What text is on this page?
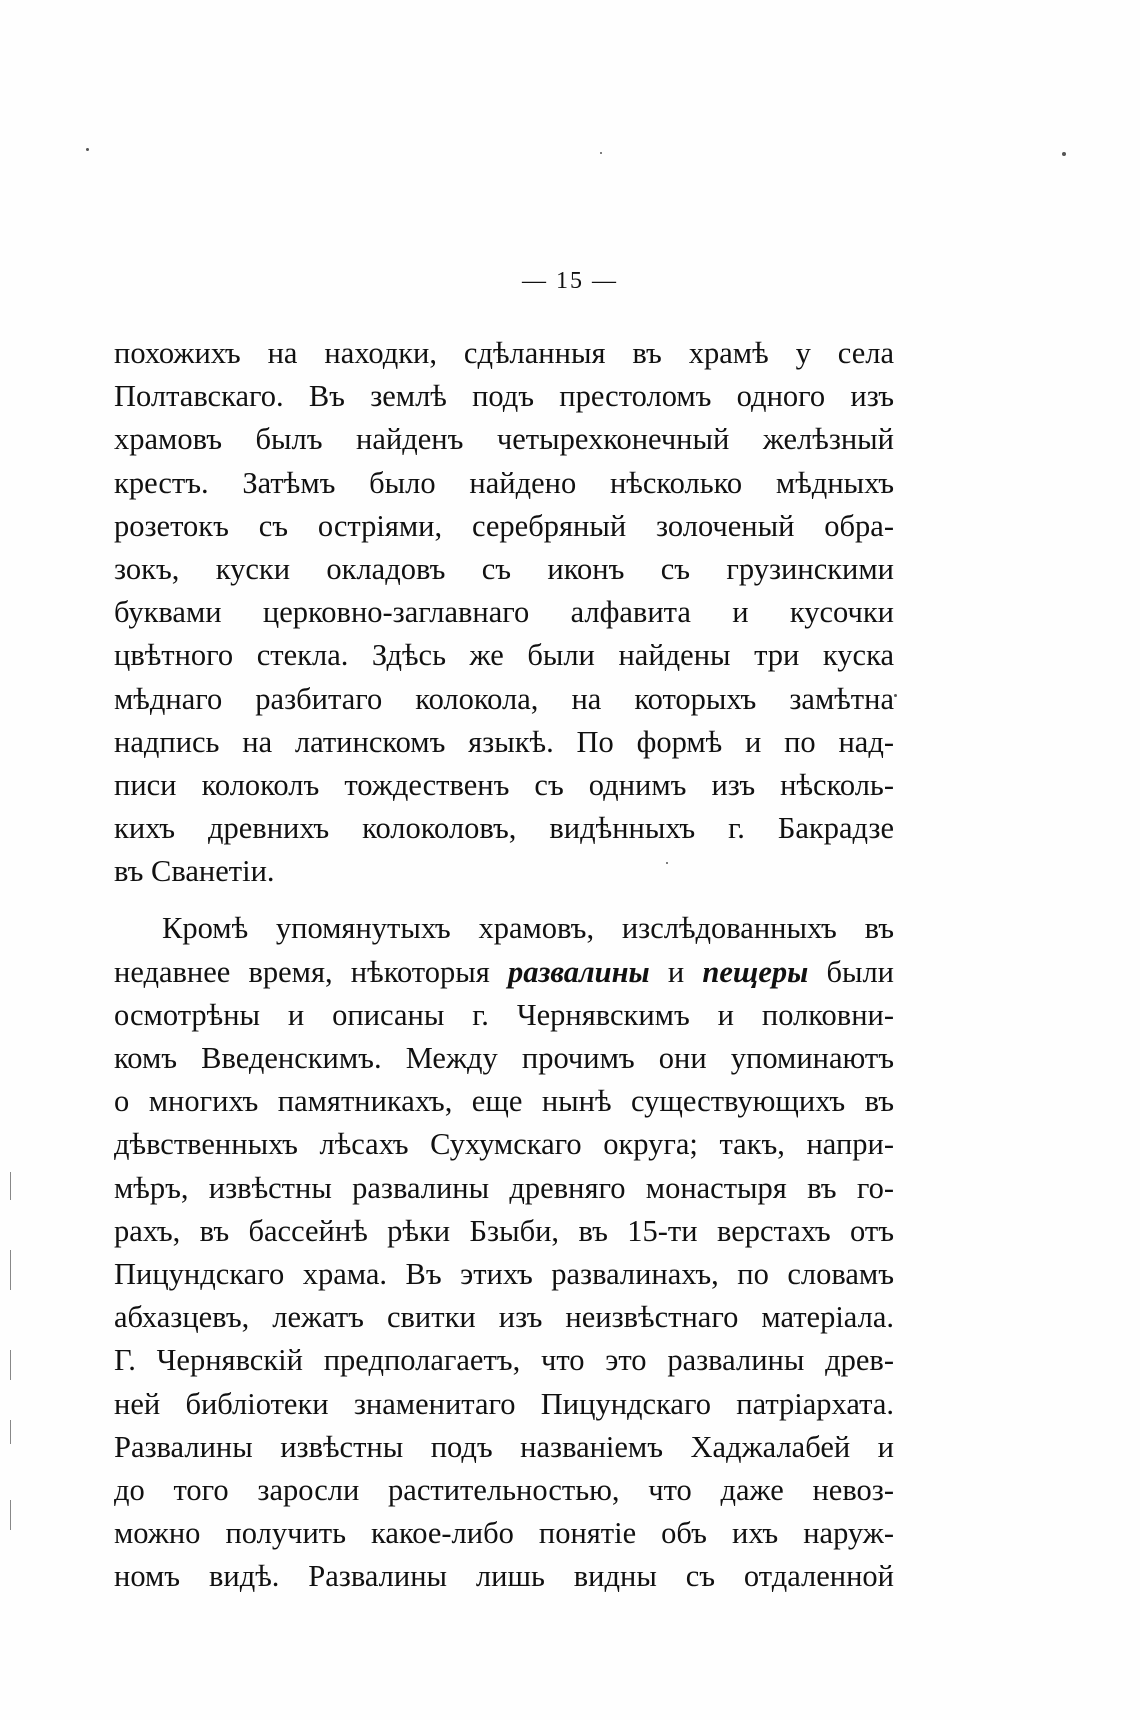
— 15 —
похожихъ на находки, сдѣланныя въ храмѣ у села
Полтавскаго. Въ землѣ подъ престоломъ одного изъ
храмовъ былъ найденъ четырехконечный желѣзный
крестъ. Затѣмъ было найдено нѣсколько мѣдныхъ
розетокъ съ остріями, серебряный золоченый обра-
зокъ, куски окладовъ съ иконъ съ грузинскими
буквами церковно-заглавнаго алфавита и кусочки
цвѣтного стекла. Здѣсь же были найдены три куска
мѣднаго разбитаго колокола, на которыхъ замѣтна
надпись на латинскомъ языкѣ. По формѣ и по над-
писи колоколъ тождественъ съ однимъ изъ нѣсколь-
кихъ древнихъ колоколовъ, видѣнныхъ г. Бакрадзе
въ Сванетіи.
Кромѣ упомянутыхъ храмовъ, изслѣдованныхъ въ
недавнее время, нѣкоторыя развалины и пещеры были
осмотрѣны и описаны г. Чернявскимъ и полковни-
комъ Введенскимъ. Между прочимъ они упоминаютъ
о многихъ памятникахъ, еще нынѣ существующихъ въ
дѣвственныхъ лѣсахъ Сухумскаго округа; такъ, напри-
мѣръ, извѣстны развалины древняго монастыря въ го-
рахъ, въ бассейнѣ рѣки Бзыби, въ 15-ти верстахъ отъ
Пицундскаго храма. Въ этихъ развалинахъ, по словамъ
абхазцевъ, лежатъ свитки изъ неизвѣстнаго матеріала.
Г. Чернявскій предполагаетъ, что это развалины древ-
ней библіотеки знаменитаго Пицундскаго патріархата.
Развалины извѣстны подъ названіемъ Хаджалабей и
до того заросли растительностью, что даже невоз-
можно получить какое-либо понятіе объ ихъ наруж-
номъ видѣ. Развалины лишь видны съ отдаленной
